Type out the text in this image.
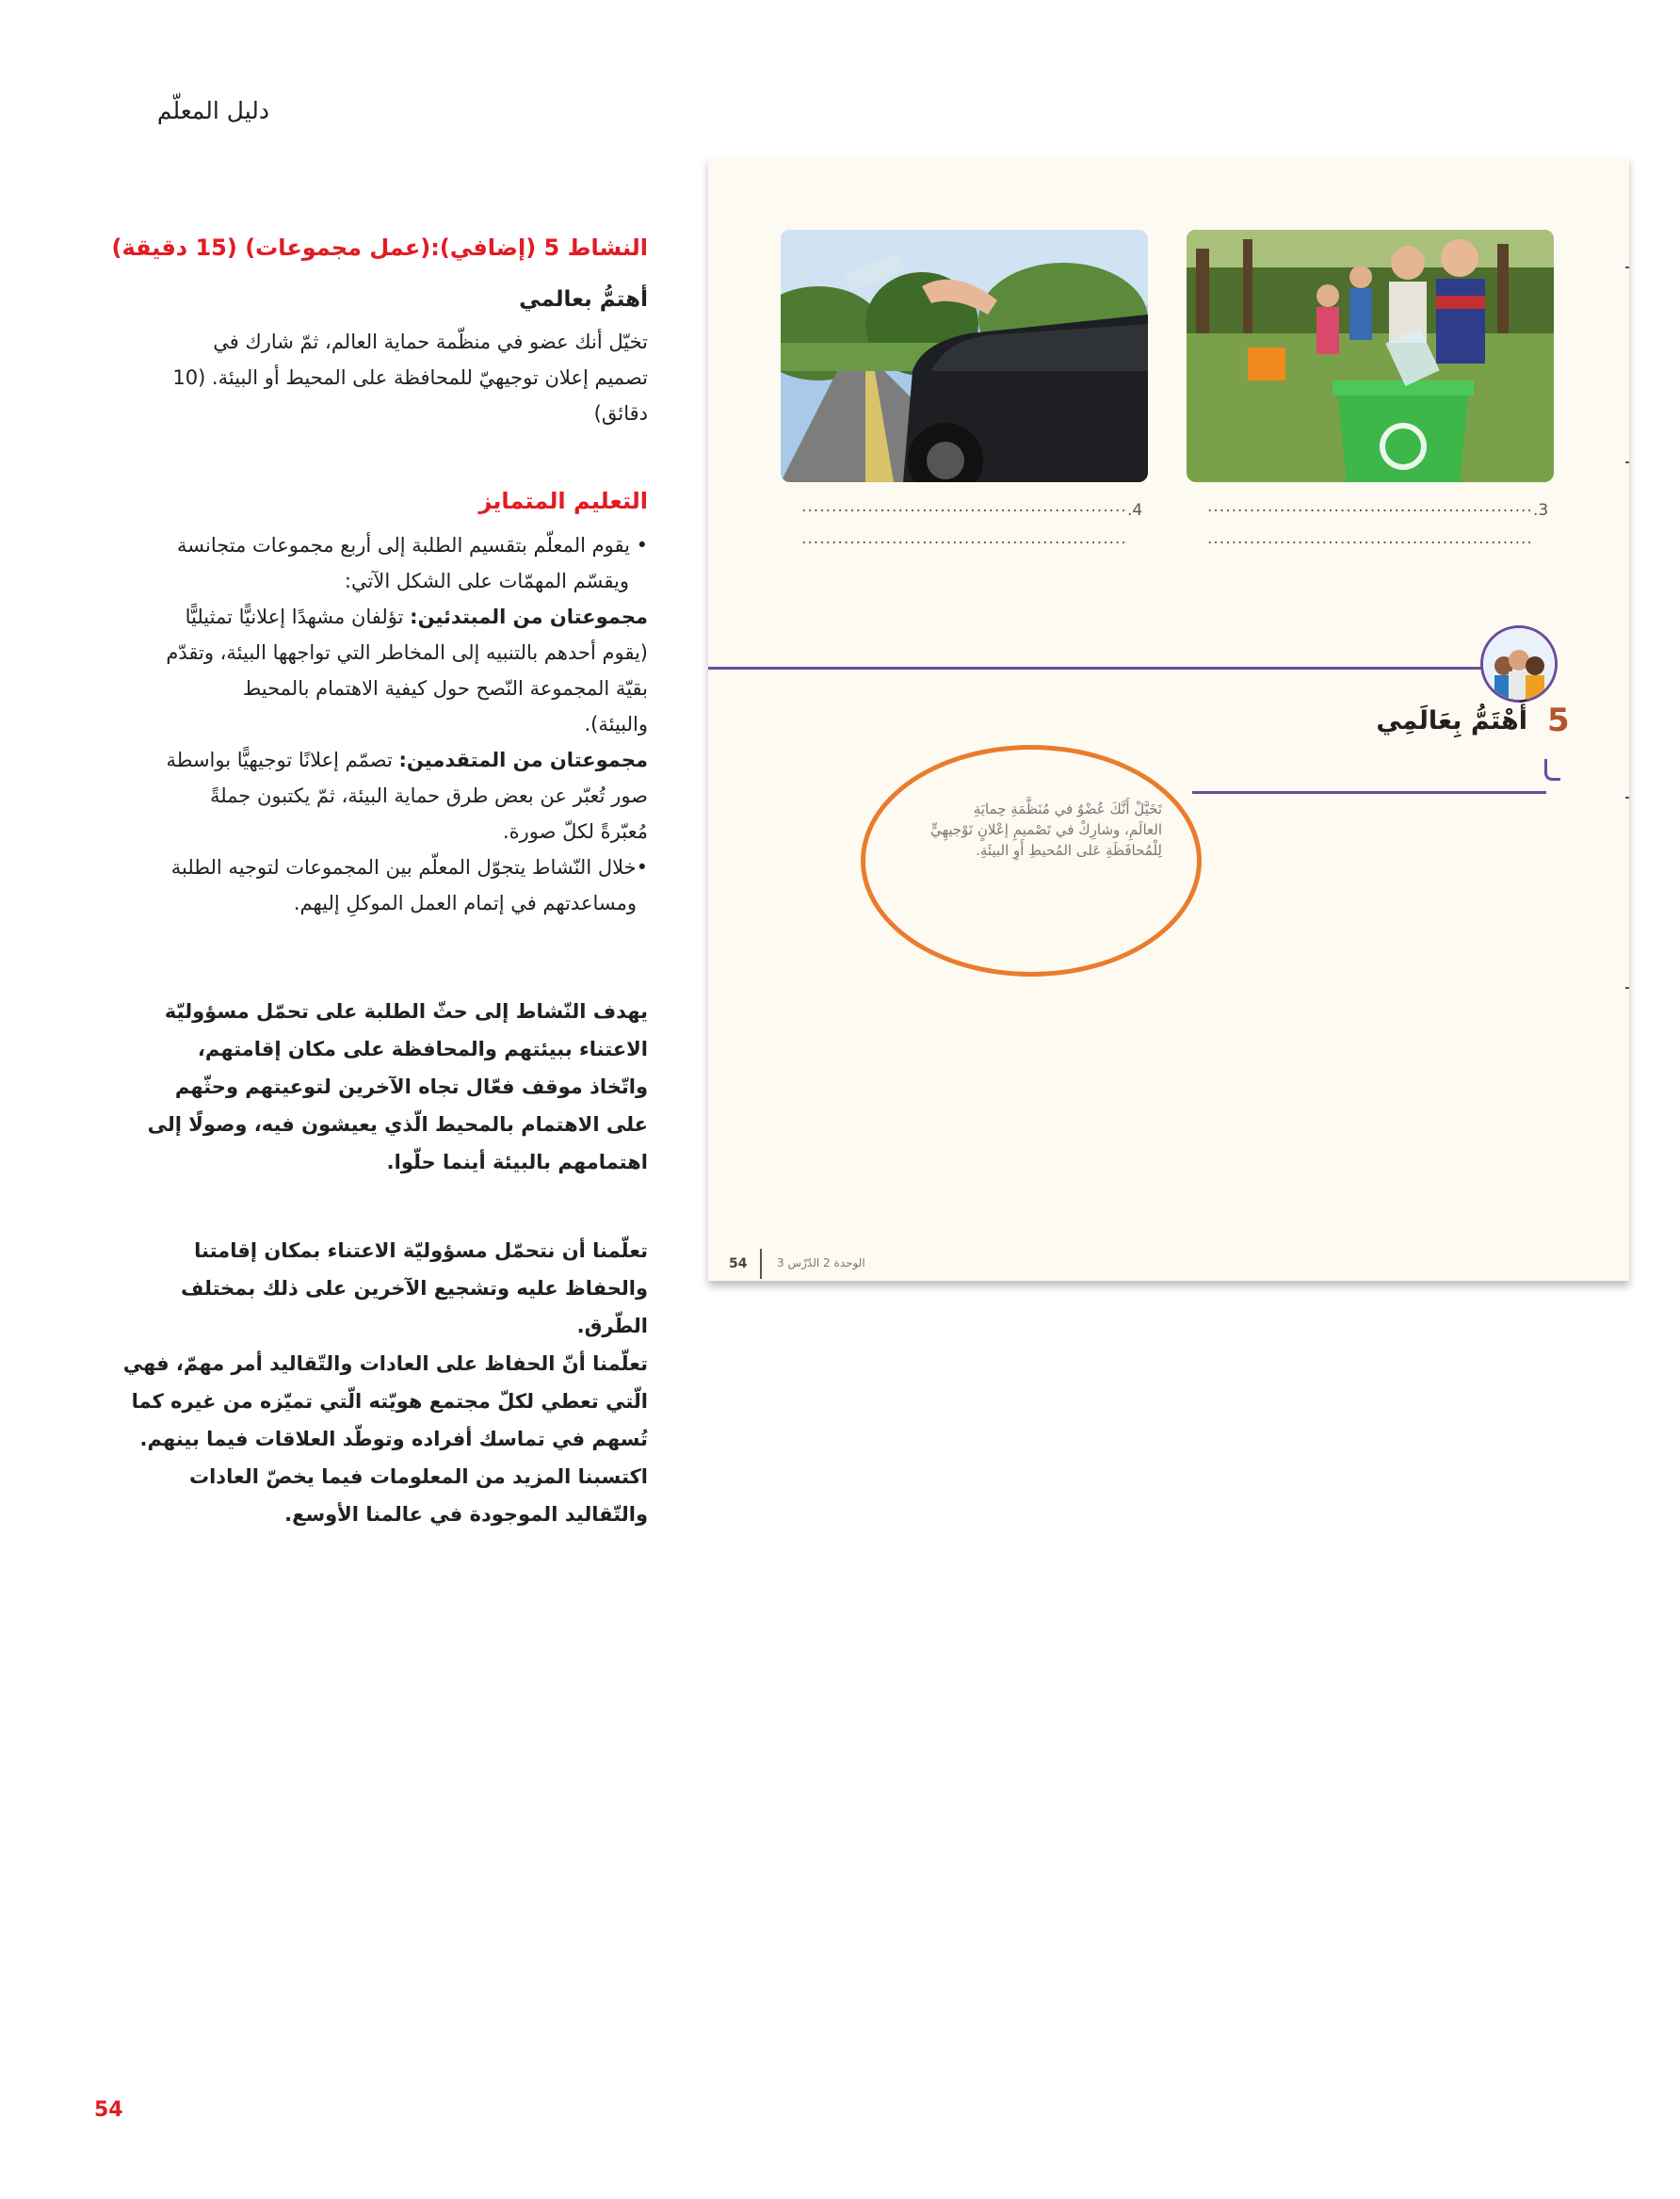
دليل المعلّم
النشاط 5 (إضافي):(عمل مجموعات) (15 دقيقة)
أهتمُّ بعالمي

تخيّل أنك عضو في منظّمة حماية العالم، ثمّ شارك في

تصميم إعلان توجيهيّ للمحافظة على المحيط أو البيئة. (10

دقائق)

التعليم المتمايز

• يقوم المعلّم بتقسيم الطلبة إلى أربع مجموعات متجانسة

ويقسّم المهمّات على الشكل الآتي:

مجموعتان من المبتدئين: تؤلفان مشهدًا إعلانيًّا تمثيليًّا

(يقوم أحدهم بالتنبيه إلى المخاطر التي تواجهها البيئة، وتقدّم

بقيّة المجموعة النّصح حول كيفية الاهتمام بالمحيط

والبيئة).

مجموعتان من المتقدمين: تصمّم إعلانًا توجيهيًّا بواسطة

صور تُعبّر عن بعض طرق حماية البيئة، ثمّ يكتبون جملةً

مُعبّرةً لكلّ صورة.

•خلال النّشاط يتجوّل المعلّم بين المجموعات لتوجيه الطلبة

ومساعدتهم في إتمام العمل الموكلِ إليهم.

يهدف النّشاط إلى حثّ الطلبة على تحمّل مسؤوليّة

الاعتناء ببيئتهم والمحافظة على مكان إقامتهم،

واتّخاذ موقف فعّال تجاه الآخرين لتوعيتهم وحثّهم

على الاهتمام بالمحيط الّذي يعيشون فيه، وصولًا إلى

اهتمامهم بالبيئة أينما حلّوا.

تعلّمنا أن نتحمّل مسؤوليّة الاعتناء بمكان إقامتنا

والحفاظ عليه وتشجيع الآخرين على ذلك بمختلف

الطّرق.

تعلّمنا أنّ الحفاظ على العادات والتّقاليد أمر مهمّ، فهي

الّتي تعطي لكلّ مجتمع هويّته الّتي تميّزه من غيره كما

تُسهم في تماسك أفراده وتوطّد العلاقات فيما بينهم.

اكتسبنا المزيد من المعلومات فيما يخصّ العادات

والتّقاليد الموجودة في عالمنا الأوسع.

.4
......................................................
......................................................
.3
......................................................
......................................................
5
أَهْتَمُّ بِعَالَمِي
تَخَيَّلْ أَنَّكَ عُضْوٌ في مُنَظَّمَةِ حِمايَةِ
العالَمِ، وشارِكْ في تَصْميمِ إعْلانٍ تَوْجيهِيٍّ
لِلْمُحافَظَةِ عَلى المُحيطِ أَوِ البيئَةِ.
54	الوحدة 2 الدّرْس 3
54
